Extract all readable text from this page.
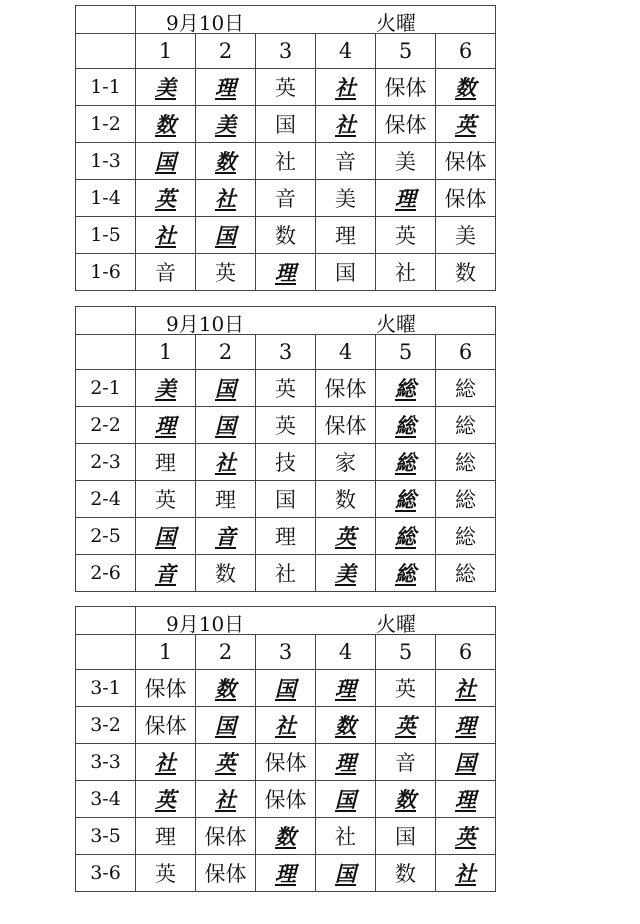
	9月10日 火曜					

	1	2	3	4	5	6
1-1	美	理	英	社	保体	数
1-2	数	美	国	社	保体	英
1-3	国	数	社	音	美	保体
1-4	英	社	音	美	理	保体
1-5	社	国	数	理	英	美
1-6	音	英	理	国	社	数

	9月10日 火曜					

	1	2	3	4	5	6
2-1	美	国	英	保体	総	総
2-2	理	国	英	保体	総	総
2-3	理	社	技	家	総	総
2-4	英	理	国	数	総	総
2-5	国	音	理	英	総	総
2-6	音	数	社	美	総	総

	9月10日 火曜					

	1	2	3	4	5	6
3-1	保体	数	国	理	英	社
3-2	保体	国	社	数	英	理
3-3	社	英	保体	理	音	国
3-4	英	社	保体	国	数	理
3-5	理	保体	数	社	国	英
3-6	英	保体	理	国	数	社
